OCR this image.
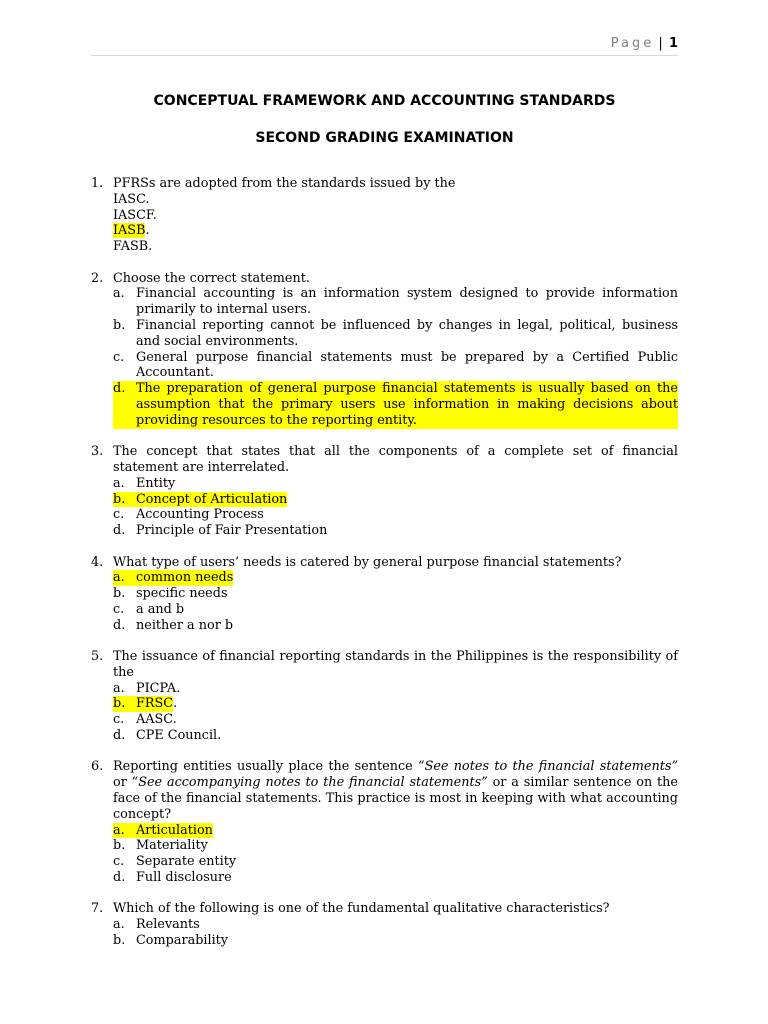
Page | 1
CONCEPTUAL FRAMEWORK AND ACCOUNTING STANDARDS
SECOND GRADING EXAMINATION
1. PFRSs are adopted from the standards issued by the
IASC.
IASCF.
IASB.
FASB.
2. Choose the correct statement.
a. Financial accounting is an information system designed to provide information primarily to internal users.
b. Financial reporting cannot be influenced by changes in legal, political, business and social environments.
c. General purpose financial statements must be prepared by a Certified Public Accountant.
d. The preparation of general purpose financial statements is usually based on the assumption that the primary users use information in making decisions about providing resources to the reporting entity.
3. The concept that states that all the components of a complete set of financial statement are interrelated.
a. Entity
b. Concept of Articulation
c. Accounting Process
d. Principle of Fair Presentation
4. What type of users’ needs is catered by general purpose financial statements?
a. common needs
b. specific needs
c. a and b
d. neither a nor b
5. The issuance of financial reporting standards in the Philippines is the responsibility of the
a. PICPA.
b. FRSC.
c. AASC.
d. CPE Council.
6. Reporting entities usually place the sentence “See notes to the financial statements” or “See accompanying notes to the financial statements” or a similar sentence on the face of the financial statements. This practice is most in keeping with what accounting concept?
a. Articulation
b. Materiality
c. Separate entity
d. Full disclosure
7. Which of the following is one of the fundamental qualitative characteristics?
a. Relevants
b. Comparability
